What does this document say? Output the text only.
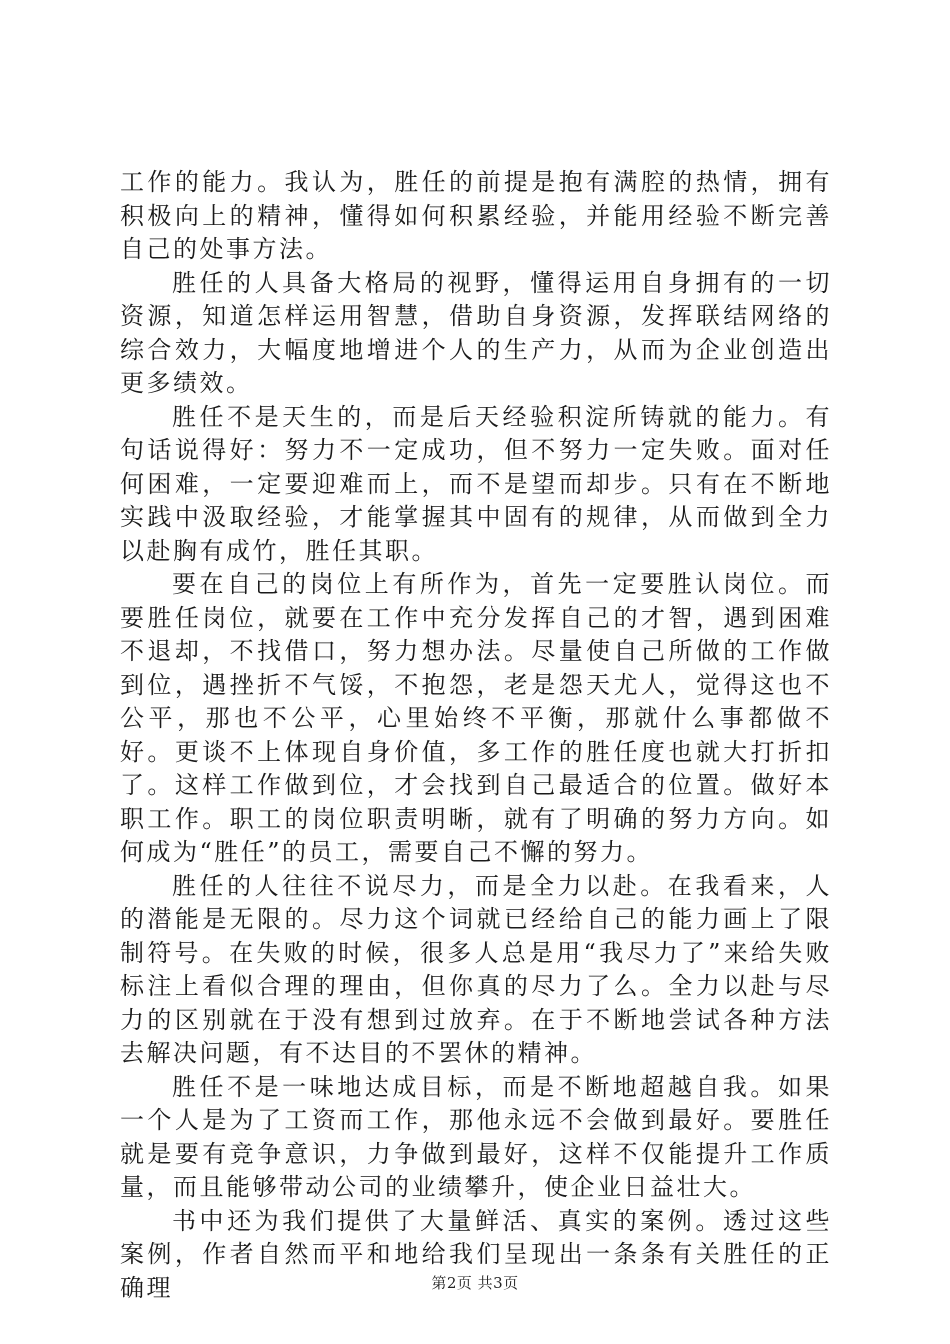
工作的能力。我认为，胜任的前提是抱有满腔的热情，拥有积极向上的精神，懂得如何积累经验，并能用经验不断完善自己的处事方法。

胜任的人具备大格局的视野，懂得运用自身拥有的一切资源，知道怎样运用智慧，借助自身资源，发挥联结网络的综合效力，大幅度地增进个人的生产力，从而为企业创造出更多绩效。

胜任不是天生的，而是后天经验积淀所铸就的能力。有句话说得好：努力不一定成功，但不努力一定失败。面对任何困难，一定要迎难而上，而不是望而却步。只有在不断地实践中汲取经验，才能掌握其中固有的规律，从而做到全力以赴胸有成竹，胜任其职。

要在自己的岗位上有所作为，首先一定要胜认岗位。而要胜任岗位，就要在工作中充分发挥自己的才智，遇到困难不退却，不找借口，努力想办法。尽量使自己所做的工作做到位，遇挫折不气馁，不抱怨，老是怨天尤人，觉得这也不公平，那也不公平，心里始终不平衡，那就什么事都做不好。更谈不上体现自身价值，多工作的胜任度也就大打折扣了。这样工作做到位，才会找到自己最适合的位置。做好本职工作。职工的岗位职责明晰，就有了明确的努力方向。如何成为“胜任”的员工，需要自己不懈的努力。

胜任的人往往不说尽力，而是全力以赴。在我看来，人的潜能是无限的。尽力这个词就已经给自己的能力画上了限制符号。在失败的时候，很多人总是用“我尽力了”来给失败标注上看似合理的理由，但你真的尽力了么。全力以赴与尽力的区别就在于没有想到过放弃。在于不断地尝试各种方法去解决问题，有不达目的不罢休的精神。

胜任不是一味地达成目标，而是不断地超越自我。如果一个人是为了工资而工作，那他永远不会做到最好。要胜任就是要有竞争意识，力争做到最好，这样不仅能提升工作质量，而且能够带动公司的业绩攀升，使企业日益壮大。

书中还为我们提供了大量鲜活、真实的案例。透过这些案例，作者自然而平和地给我们呈现出一条条有关胜任的正确理	第2页 共3页
